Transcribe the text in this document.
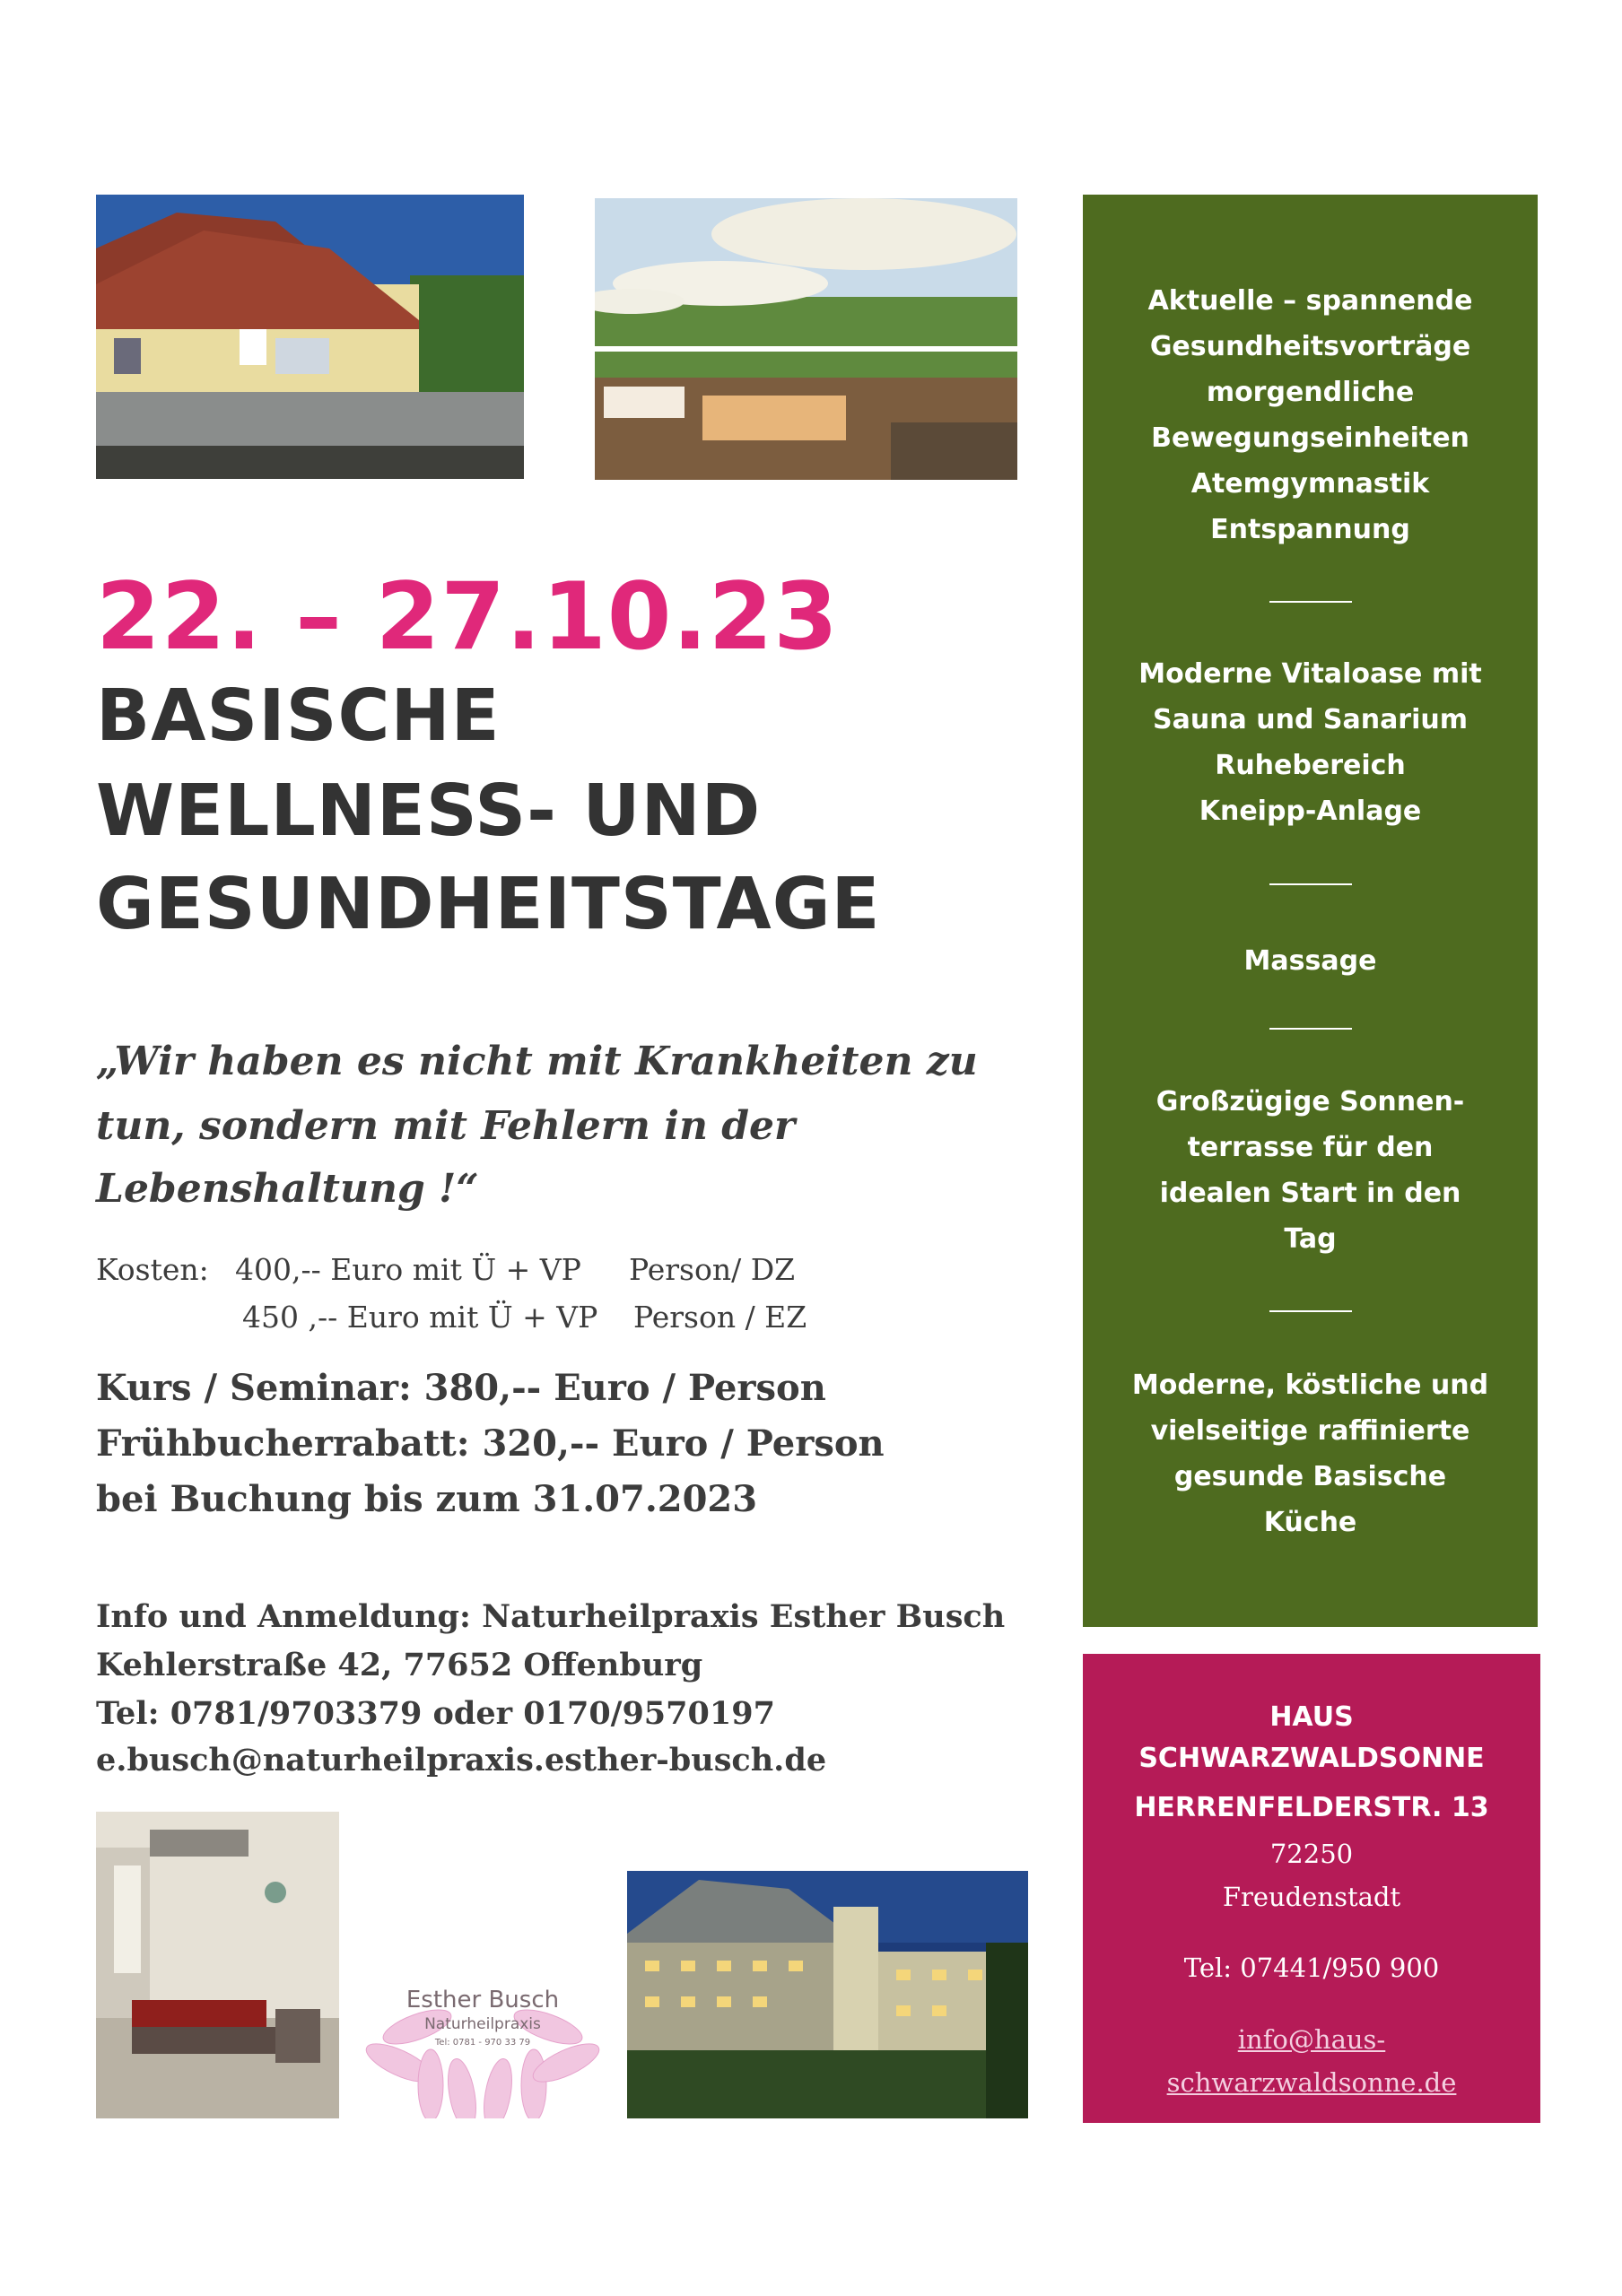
22. – 27.10.23
BASISCHE
WELLNESS- UND
GESUNDHEITSTAGE
„Wir haben es nicht mit Krankheiten zu
tun, sondern mit Fehlern in der
Lebenshaltung !“
Kosten: 400,-- Euro mit Ü + VP Person/ DZ
450 ,-- Euro mit Ü + VP Person / EZ
Kurs / Seminar: 380,-- Euro / Person
Frühbucherrabatt: 320,-- Euro / Person
bei Buchung bis zum 31.07.2023
Info und Anmeldung: Naturheilpraxis Esther Busch
Kehlerstraße 42, 77652 Offenburg
Tel: 0781/9703379 oder 0170/9570197
e.busch@naturheilpraxis.esther-busch.de
Esther Busch
Naturheilpraxis
Tel: 0781 - 970 33 79
Aktuelle – spannende
Gesundheitsvorträge
morgendliche
Bewegungseinheiten
Atemgymnastik
Entspannung
Moderne Vitaloase mit
Sauna und Sanarium
Ruhebereich
Kneipp-Anlage
Massage
Großzügige Sonnen-
terrasse für den
idealen Start in den
Tag
Moderne, köstliche und
vielseitige raffinierte
gesunde Basische
Küche
HAUS
SCHWARZWALDSONNE
HERRENFELDERSTR. 13
72250
Freudenstadt
Tel: 07441/950 900
info@haus-
schwarzwaldsonne.de
